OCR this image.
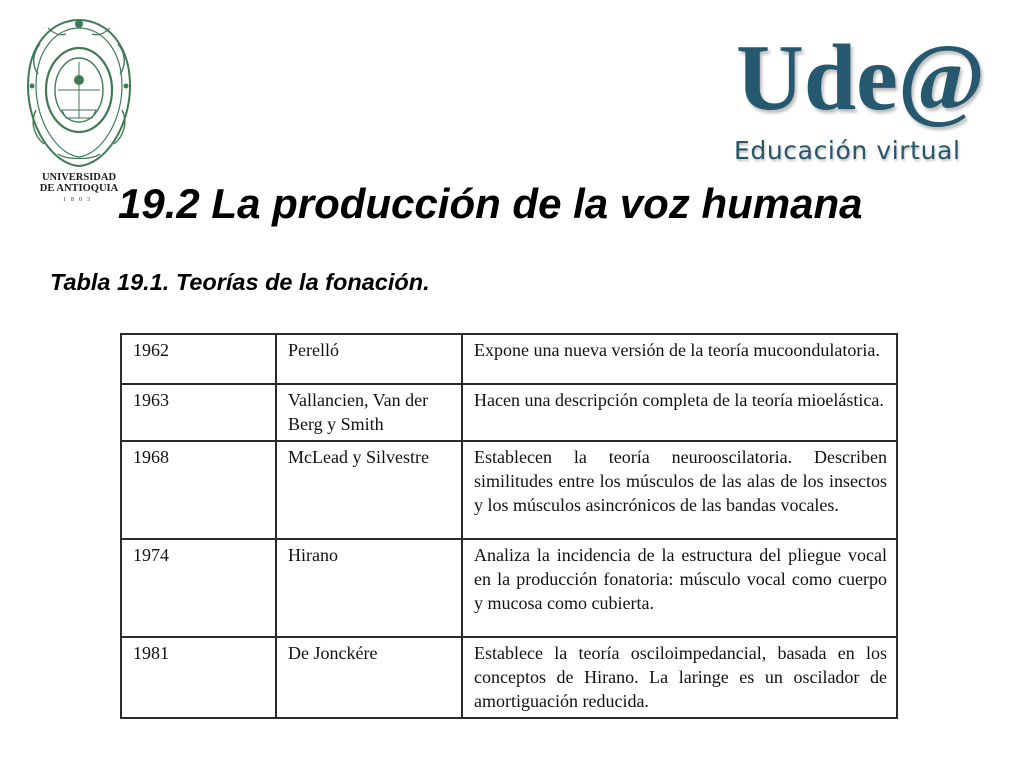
UNIVERSIDAD
DE ANTIOQUIA
1803
Ude@
Educación virtual
19.2 La producción de la voz humana

Tabla 19.1. Teorías de la fonación.

1962	Perelló	Expone una nueva versión de la teoría mucoondulatoria.
1963	Vallancien, Van der Berg y Smith	Hacen una descripción completa de la teoría mioelástica.
1968	McLead y Silvestre	Establecen la teoría neurooscilatoria. Describen similitudes entre los músculos de las alas de los insectos y los músculos asincrónicos de las bandas vocales.
1974	Hirano	Analiza la incidencia de la estructura del pliegue vocal en la producción fonatoria: músculo vocal como cuerpo y mucosa como cubierta.
1981	De Jonckére	Establece la teoría osciloimpedancial, basada en los conceptos de Hirano. La laringe es un oscilador de amortiguación reducida.
